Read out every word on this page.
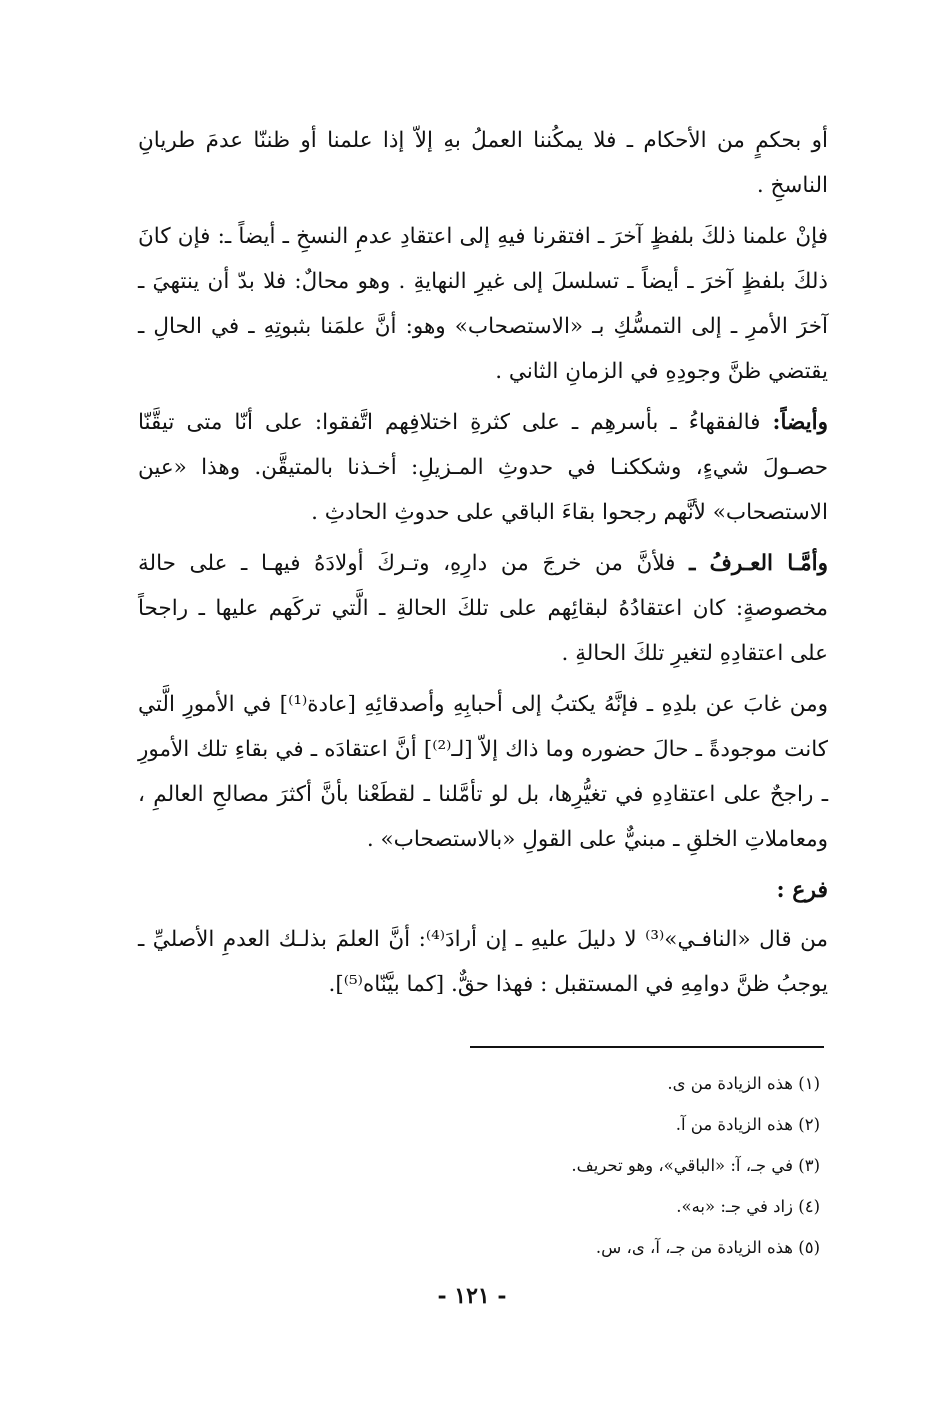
أو بحكمٍ من الأحكام ـ فلا يمكُننا العملُ بهِ إلاّ إذا علمنا أو ظننّا عدمَ طريانِ الناسخِ .

فإنْ علمنا ذلكَ بلفظٍ آخرَ ـ افتقرنا فيهِ إلى اعتقادِ عدمِ النسخِ ـ أيضاً ـ: فإن كانَ ذلكَ بلفظٍ آخرَ ـ أيضاً ـ تسلسلَ إلى غيرِ النهايةِ . وهو محالٌ: فلا بدّ أن ينتهيَ ـ آخرَ الأمرِ ـ إلى التمسُّكِ بـ «الاستصحاب» وهو: أنَّ علمَنا بثبوتِهِ ـ في الحالِ ـ يقتضي ظنَّ وجودِهِ في الزمانِ الثاني .

وأيضاً: فالفقهاءُ ـ بأسرهِم ـ على كثرةِ اختلافِهم اتَّفقوا: على أنّا متى تيقَّنّا حصـولَ شيءٍ، وشككنـا في حدوثِ المـزيلِ: أخـذنا بالمتيقَّن. وهذا «عين الاستصحاب» لأنَّهم رجحوا بقاءَ الباقي على حدوثِ الحادثِ .

وأمَّـا العـرفُ ـ فلأنَّ من خرجَ من دارِهِ، وتـركَ أولادَهُ فيهـا ـ على حالة مخصوصةٍ: كان اعتقادُهُ لبقائِهم على تلكَ الحالةِ ـ الَّتي تركَهم عليها ـ راجحاً على اعتقادِهِ لتغيرِ تلكَ الحالةِ .

ومن غابَ عن بلدِهِ ـ فإنَّهُ يكتبُ إلى أحبابِهِ وأصدقائِهِ [عادة⁽¹⁾] في الأمورِ الَّتي كانت موجودةً ـ حالَ حضوره وما ذاك إلاّ [لـ⁽²⁾] أنَّ اعتقادَه ـ في بقاءِ تلك الأمورِ ـ راجحٌ على اعتقادِهِ في تغيُّرِها، بل لو تأمَّلنا ـ لقطَعْنا بأنَّ أكثرَ مصالحِ العالمِ ، ومعاملاتِ الخلقِ ـ مبنيٌّ على القولِ «بالاستصحاب» .

فرع :

من قال «النافـي»⁽³⁾ لا دليلَ عليهِ ـ إن أرادَ⁽⁴⁾: أنَّ العلمَ بذلـك العدمِ الأصليِّ ـ يوجبُ ظنَّ دوامِهِ في المستقبل : فهذا حقٌّ. [كما بيَّنّاه⁽⁵⁾].

(١) هذه الزيادة من ى.

(٢) هذه الزيادة من آ.

(٣) في جـ، آ: «الباقي»، وهو تحريف.

(٤) زاد في جـ: «به».

(٥) هذه الزيادة من جـ، آ، ى، س.

- ١٢١ -
